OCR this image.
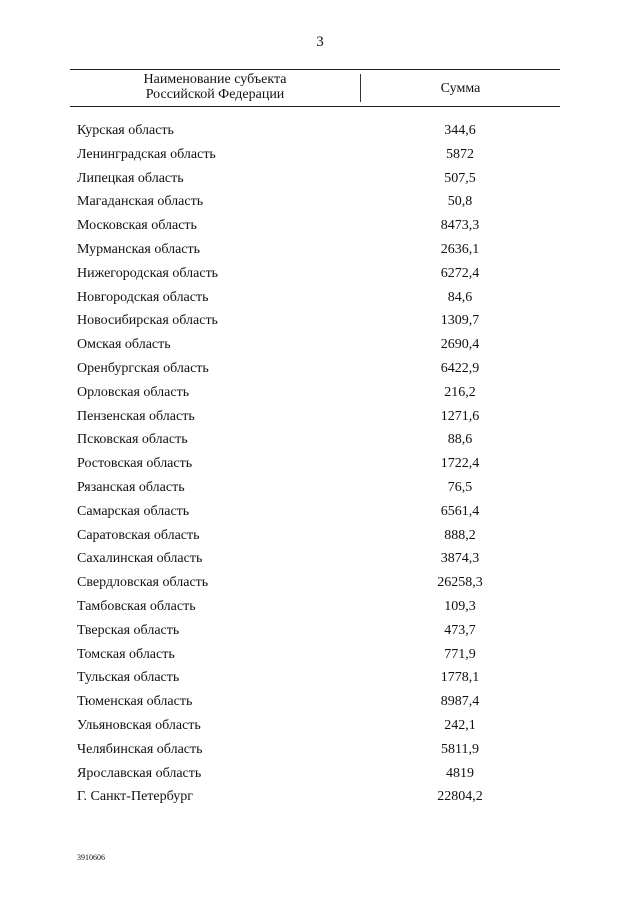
3
Наименование субъекта
Российской Федерации	Сумма
Курская область	344,6
Ленинградская область	5872
Липецкая область	507,5
Магаданская область	50,8
Московская область	8473,3
Мурманская область	2636,1
Нижегородская область	6272,4
Новгородская область	84,6
Новосибирская область	1309,7
Омская область	2690,4
Оренбургская область	6422,9
Орловская область	216,2
Пензенская область	1271,6
Псковская область	88,6
Ростовская область	1722,4
Рязанская область	76,5
Самарская область	6561,4
Саратовская область	888,2
Сахалинская область	3874,3
Свердловская область	26258,3
Тамбовская область	109,3
Тверская область	473,7
Томская область	771,9
Тульская область	1778,1
Тюменская область	8987,4
Ульяновская область	242,1
Челябинская область	5811,9
Ярославская область	4819
Г. Санкт-Петербург	22804,2
3910606
